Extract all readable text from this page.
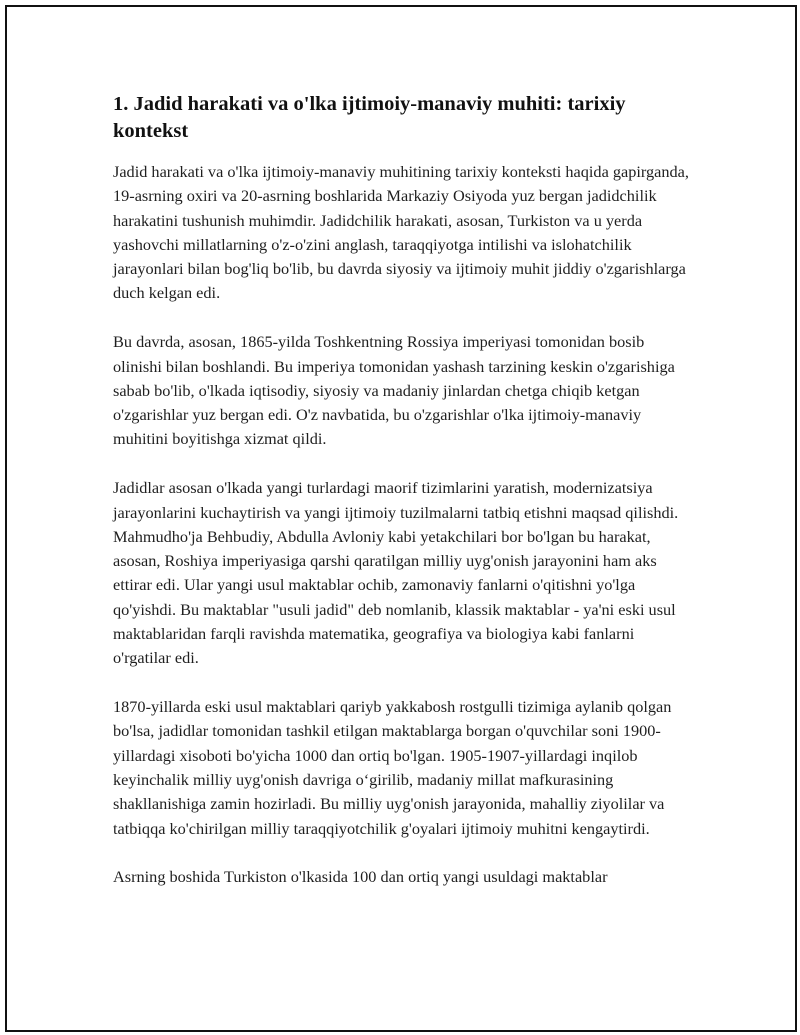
1. Jadid harakati va o'lka ijtimoiy-manaviy muhiti: tarixiy kontekst

Jadid harakati va o'lka ijtimoiy-manaviy muhitining tarixiy konteksti haqida gapirganda, 19-asrning oxiri va 20-asrning boshlarida Markaziy Osiyoda yuz bergan jadidchilik harakatini tushunish muhimdir. Jadidchilik harakati, asosan, Turkiston va u yerda yashovchi millatlarning o'z-o'zini anglash, taraqqiyotga intilishi va islohatchilik jarayonlari bilan bog'liq bo'lib, bu davrda siyosiy va ijtimoiy muhit jiddiy o'zgarishlarga duch kelgan edi.

Bu davrda, asosan, 1865-yilda Toshkentning Rossiya imperiyasi tomonidan bosib olinishi bilan boshlandi. Bu imperiya tomonidan yashash tarzining keskin o'zgarishiga sabab bo'lib, o'lkada iqtisodiy, siyosiy va madaniy jinlardan chetga chiqib ketgan o'zgarishlar yuz bergan edi. O'z navbatida, bu o'zgarishlar o'lka ijtimoiy-manaviy muhitini boyitishga xizmat qildi.

Jadidlar asosan o'lkada yangi turlardagi maorif tizimlarini yaratish, modernizatsiya jarayonlarini kuchaytirish va yangi ijtimoiy tuzilmalarni tatbiq etishni maqsad qilishdi. Mahmudho'ja Behbudiy, Abdulla Avloniy kabi yetakchilari bor bo'lgan bu harakat, asosan, Roshiya imperiyasiga qarshi qaratilgan milliy uyg'onish jarayonini ham aks ettirar edi. Ular yangi usul maktablar ochib, zamonaviy fanlarni o'qitishni yo'lga qo'yishdi. Bu maktablar "usuli jadid" deb nomlanib, klassik maktablar - ya'ni eski usul maktablaridan farqli ravishda matematika, geografiya va biologiya kabi fanlarni o'rgatilar edi.

1870-yillarda eski usul maktablari qariyb yakkabosh rostgulli tizimiga aylanib qolgan bo'lsa, jadidlar tomonidan tashkil etilgan maktablarga borgan o'quvchilar soni 1900-yillardagi xisoboti bo'yicha 1000 dan ortiq bo'lgan. 1905-1907-yillardagi inqilob keyinchalik milliy uyg'onish davriga o‘girilib, madaniy millat mafkurasining shakllanishiga zamin hozirladi. Bu milliy uyg'onish jarayonida, mahalliy ziyolilar va tatbiqqa ko'chirilgan milliy taraqqiyotchilik g'oyalari ijtimoiy muhitni kengaytirdi.

Asrning boshida Turkiston o'lkasida 100 dan ortiq yangi usuldagi maktablar
